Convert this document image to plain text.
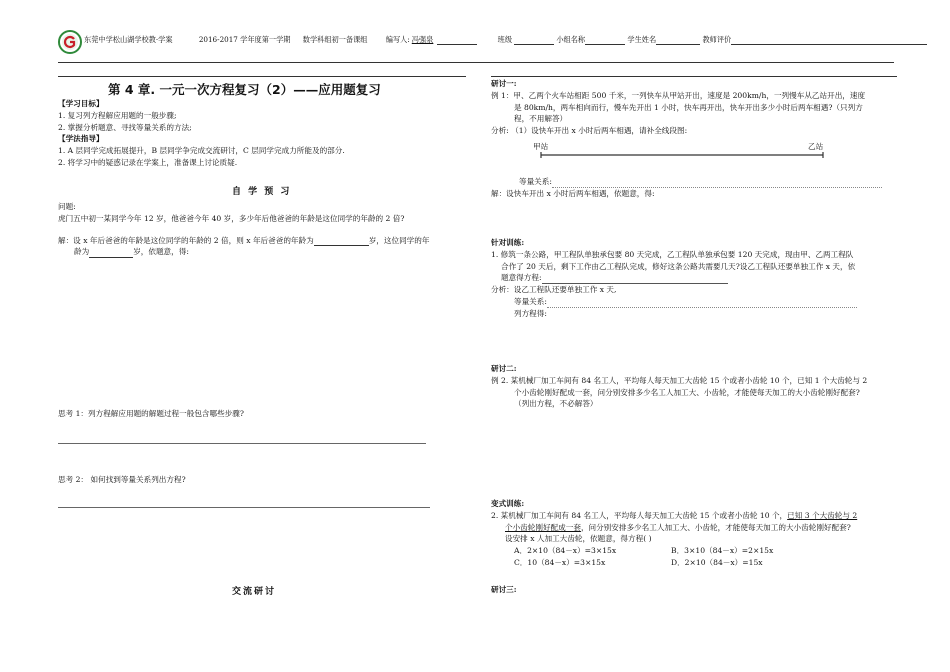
东莞中学松山湖学校教·学案	2016-2017 学年度第一学期 数学科组初一备课组	编写人: 冯强泉	班级	小组名称	学生姓名	教师评价
第 4 章. 一元一次方程复习（2）——应用题复习
【学习目标】
1. 复习列方程解应用题的一般步骤;
2. 掌握分析题意、寻找等量关系的方法;
【学法指导】
1. A 层同学完成拓展提升，B 层同学争完成交流研讨，C 层同学完成力所能及的部分.
2. 将学习中的疑惑记录在学案上，准备课上讨论质疑.
自 学 预 习
问题:
虎门五中初一某同学今年 12 岁，他爸爸今年 40 岁，多少年后他爸爸的年龄是这位同学的年龄的 2 倍?
解：设 x 年后爸爸的年龄是这位同学的年龄的 2 倍，则 x 年后爸爸的年龄为	岁，这位同学的年
龄为	岁，依题意，得:
思考 1：列方程解应用题的解题过程一般包含哪些步骤?
思考 2： 如何找到等量关系列出方程?
交流研讨
研讨一:
例 1：甲、乙两个火车站相距 500 千米，一列快车从甲站开出，速度是 200km/h，一列慢车从乙站开出，速度
是 80km/h，两车相向而行，慢车先开出 1 小时，快车再开出，快车开出多少小时后两车相遇?（只列方
程，不用解答）
分析: （1）设快车开出 x 小时后两车相遇，请补全线段图:
甲站	乙站
等量关系:
解：设快车开出 x 小时后两车相遇，依题意，得:
针对训练:
1. 修筑一条公路，甲工程队单独承包要 80 天完成，乙工程队单独承包要 120 天完成，现由甲、乙两工程队
合作了 20 天后，剩下工作由乙工程队完成，修好这条公路共需要几天?设乙工程队还要单独工作 x 天，依
题意得方程:
分析：设乙工程队还要单独工作 x 天,
等量关系:
列方程得:
研讨二:
例 2. 某机械厂加工车间有 84 名工人，平均每人每天加工大齿轮 15 个或者小齿轮 10 个，已知 1 个大齿轮与 2
个小齿轮刚好配成一套，问分别安排多少名工人加工大、小齿轮，才能使每天加工的大小齿轮刚好配套?
（列出方程，不必解答）
变式训练:
2. 某机械厂加工车间有 84 名工人，平均每人每天加工大齿轮 15 个或者小齿轮 10 个，已知 3 个大齿轮与 2
个小齿轮刚好配成一套，问分别安排多少名工人加工大、小齿轮，才能使每天加工的大小齿轮刚好配套?
设安排 x 人加工大齿轮，依题意，得方程( )
A．2×10（84－x）=3×15x	B．3×10（84－x）=2×15x
C．10（84－x）=3×15x	D．2×10（84－x）=15x
研讨三:
